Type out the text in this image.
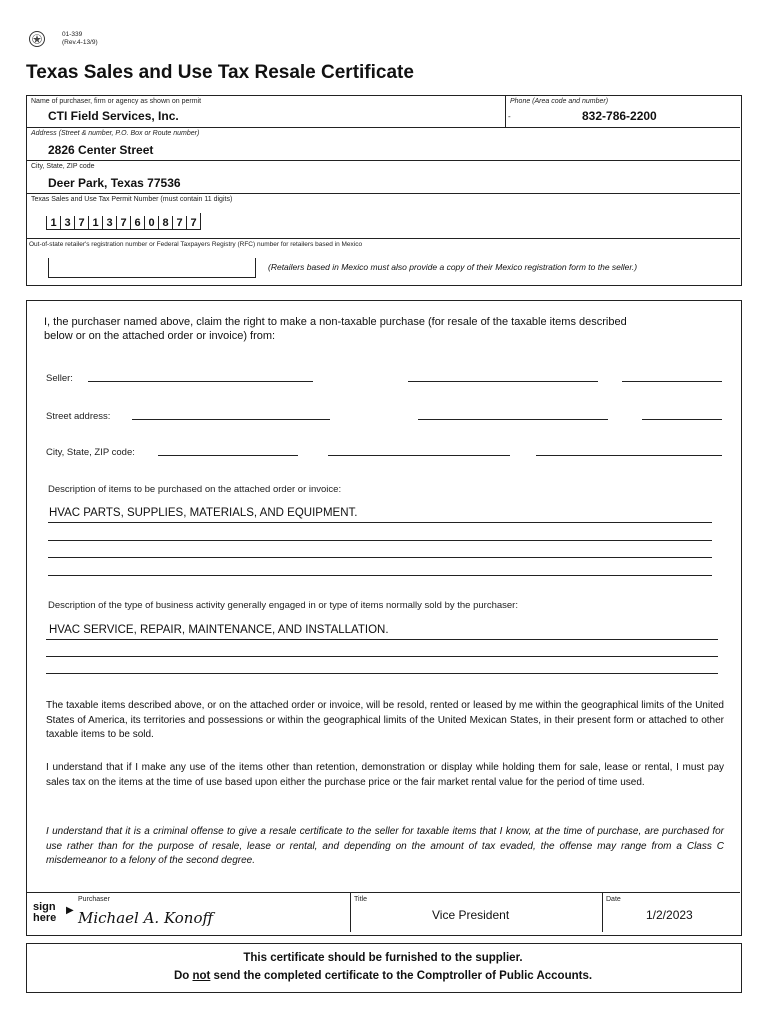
01-339
(Rev.4-13/9)
Texas Sales and Use Tax Resale Certificate
Name of purchaser, firm or agency as shown on permit
CTI Field Services, Inc.
Phone (Area code and number)
-	832-786-2200
Address (Street & number, P.O. Box or Route number)
2826 Center Street
City, State, ZIP code
Deer Park, Texas 77536
Texas Sales and Use Tax Permit Number (must contain 11 digits)
1 3 7 1 3 7 6 0 8 7 7
Out-of-state retailer's registration number or Federal Taxpayers Registry (RFC) number for retailers based in Mexico
(Retailers based in Mexico must also provide a copy of their Mexico registration form to the seller.)
I, the purchaser named above, claim the right to make a non-taxable purchase (for resale of the taxable items described below or on the attached order or invoice) from:
Seller:
Street address:
City, State, ZIP code:
Description of items to be purchased on the attached order or invoice:
HVAC PARTS, SUPPLIES, MATERIALS, AND EQUIPMENT.
Description of the type of business activity generally engaged in or type of items normally sold by the purchaser:
HVAC SERVICE, REPAIR, MAINTENANCE, AND INSTALLATION.
The taxable items described above, or on the attached order or invoice, will be resold, rented or leased by me within the geographical limits of the United States of America, its territories and possessions or within the geographical limits of the United Mexican States, in their present form or attached to other taxable items to be sold.
I understand that if I make any use of the items other than retention, demonstration or display while holding them for sale, lease or rental, I must pay sales tax on the items at the time of use based upon either the purchase price or the fair market rental value for the period of time used.
I understand that it is a criminal offense to give a resale certificate to the seller for taxable items that I know, at the time of purchase, are purchased for use rather than for the purpose of resale, lease or rental, and depending on the amount of tax evaded, the offense may range from a Class C misdemeanor to a felony of the second degree.
sign
here
▶
Purchaser
Michael A. Konoff
Title
Vice President
Date
1/2/2023
This certificate should be furnished to the supplier.
Do not send the completed certificate to the Comptroller of Public Accounts.
